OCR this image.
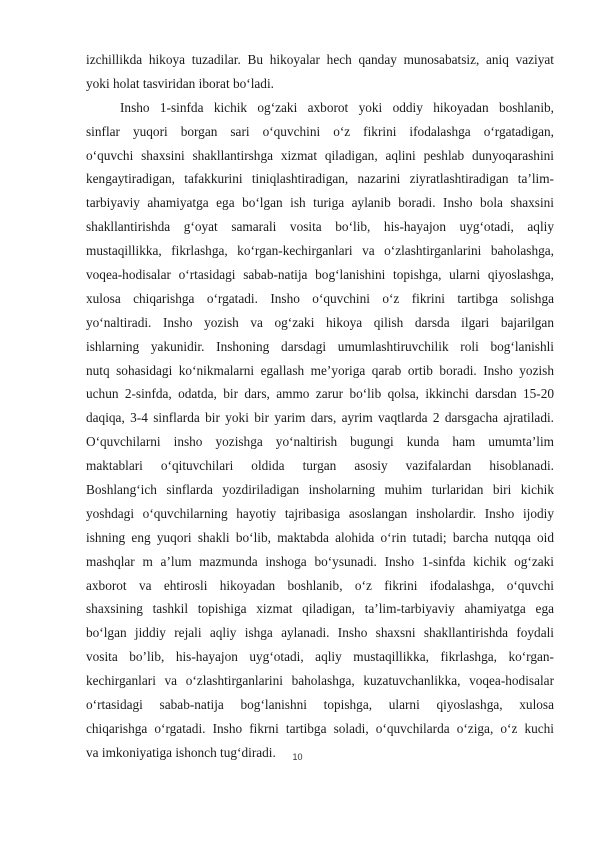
izchillikda hikoya tuzadilar. Bu hikoyalar hech qanday munosabatsiz, aniq vaziyat
yoki holat tasviridan iborat bo‘ladi.
Insho 1-sinfda kichik og‘zaki axborot yoki oddiy hikoyadan boshlanib,
sinflar yuqori borgan sari o‘quvchini o‘z fikrini ifodalashga o‘rgatadigan,
o‘quvchi shaxsini shakllantirshga xizmat qiladigan, aqlini peshlab dunyoqarashini
kengaytiradigan, tafakkurini tiniqlashtiradigan, nazarini ziyratlashtiradigan ta’lim-
tarbiyaviy ahamiyatga ega bo‘lgan ish turiga aylanib boradi. Insho bola shaxsini
shakllantirishda g‘oyat samarali vosita bo‘lib, his-hayajon uyg‘otadi, aqliy
mustaqillikka, fikrlashga, ko‘rgan-kechirganlari va o‘zlashtirganlarini baholashga,
voqea-hodisalar o‘rtasidagi sabab-natija bog‘lanishini topishga, ularni qiyoslashga,
xulosa chiqarishga o‘rgatadi. Insho o‘quvchini o‘z fikrini tartibga solishga
yo‘naltiradi. Insho yozish va og‘zaki hikoya qilish darsda ilgari bajarilgan
ishlarning yakunidir. Inshoning darsdagi umumlashtiruvchilik roli bog‘lanishli
nutq sohasidagi ko‘nikmalarni egallash me’yoriga qarab ortib boradi. Insho yozish
uchun 2-sinfda, odatda, bir dars, ammo zarur bo‘lib qolsa, ikkinchi darsdan 15-20
daqiqa, 3-4 sinflarda bir yoki bir yarim dars, ayrim vaqtlarda 2 darsgacha ajratiladi.
O‘quvchilarni insho yozishga yo‘naltirish bugungi kunda ham umumta’lim
maktablari o‘qituvchilari oldida turgan asosiy vazifalardan hisoblanadi.
Boshlang‘ich sinflarda yozdiriladigan insholarning muhim turlaridan biri kichik
yoshdagi o‘quvchilarning hayotiy tajribasiga asoslangan insholardir. Insho ijodiy
ishning eng yuqori shakli bo‘lib, maktabda alohida o‘rin tutadi; barcha nutqqa oid
mashqlar m a’lum mazmunda inshoga bo‘ysunadi. Insho 1-sinfda kichik og‘zaki
axborot va ehtirosli hikoyadan boshlanib, o‘z fikrini ifodalashga, o‘quvchi
shaxsining tashkil topishiga xizmat qiladigan, ta’lim-tarbiyaviy ahamiyatga ega
bo‘lgan jiddiy rejali aqliy ishga aylanadi. Insho shaxsni shakllantirishda foydali
vosita bo’lib, his-hayajon uyg‘otadi, aqliy mustaqillikka, fikrlashga, ko‘rgan-
kechirganlari va o‘zlashtirganlarini baholashga, kuzatuvchanlikka, voqea-hodisalar
o‘rtasidagi sabab-natija bog‘lanishni topishga, ularni qiyoslashga, xulosa
chiqarishga o‘rgatadi. Insho fikrni tartibga soladi, o‘quvchilarda o‘ziga, o‘z kuchi
va imkoniyatiga ishonch tug‘diradi.	10
